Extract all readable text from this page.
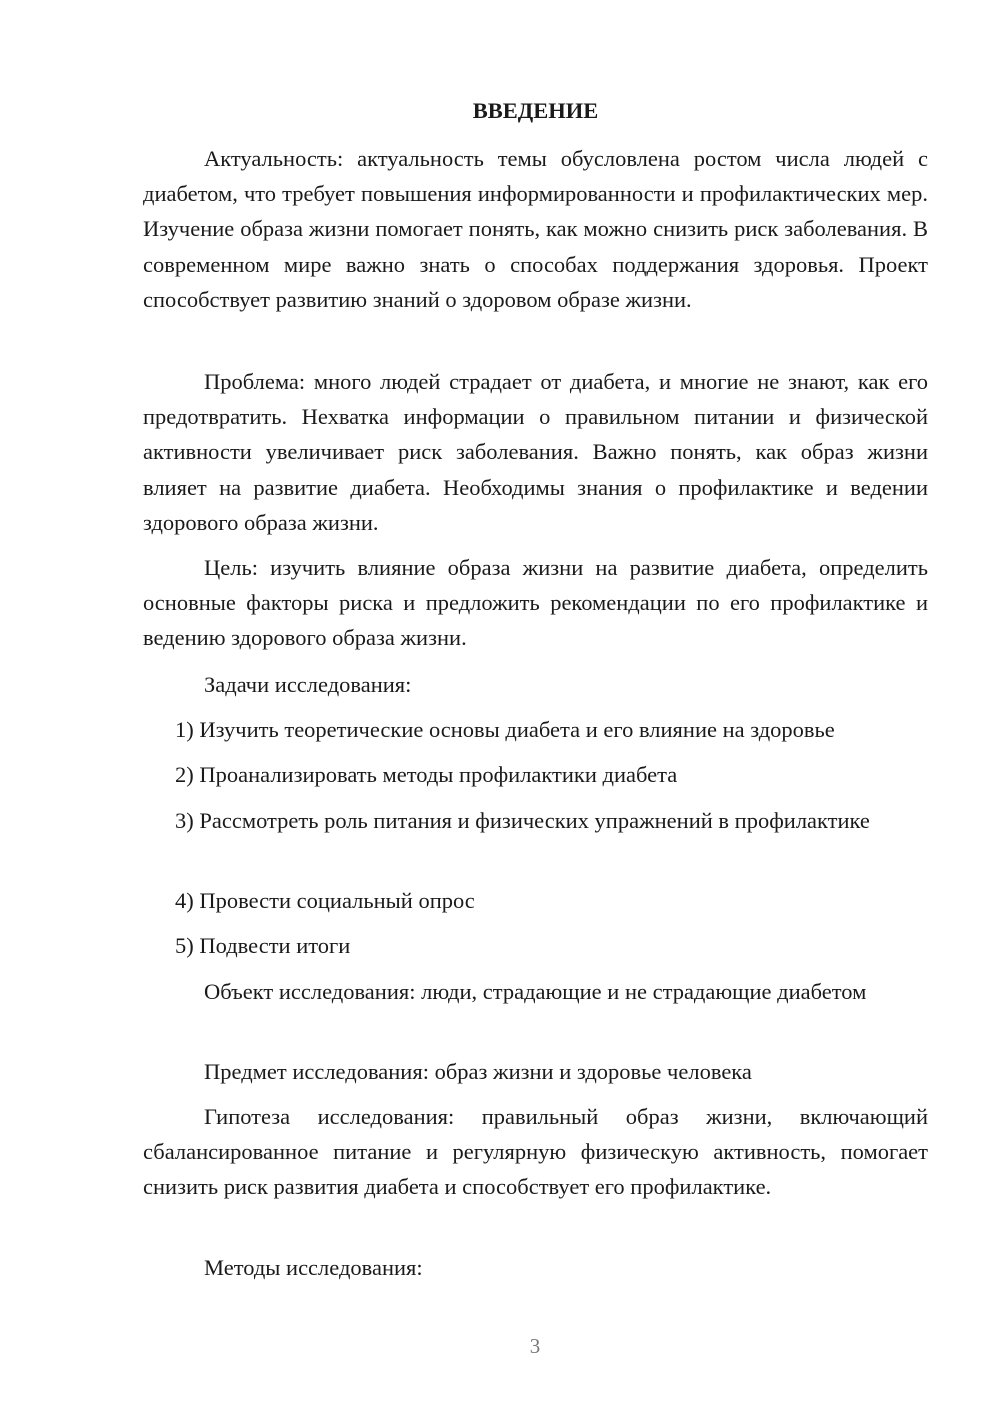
ВВЕДЕНИЕ

Актуальность: актуальность темы обусловлена ростом числа людей с диабетом, что требует повышения информированности и профилактических мер. Изучение образа жизни помогает понять, как можно снизить риск заболевания. В современном мире важно знать о способах поддержания здоровья. Проект способствует развитию знаний о здоровом образе жизни.

Проблема: много людей страдает от диабета, и многие не знают, как его предотвратить. Нехватка информации о правильном питании и физической активности увеличивает риск заболевания. Важно понять, как образ жизни влияет на развитие диабета. Необходимы знания о профилактике и ведении здорового образа жизни.

Цель: изучить влияние образа жизни на развитие диабета, определить основные факторы риска и предложить рекомендации по его профилактике и ведению здорового образа жизни.

Задачи исследования:

1) Изучить теоретические основы диабета и его влияние на здоровье

2) Проанализировать методы профилактики диабета

3) Рассмотреть роль питания и физических упражнений в профилактике

4) Провести социальный опрос

5) Подвести итоги

Объект исследования: люди, страдающие и не страдающие диабетом

Предмет исследования: образ жизни и здоровье человека

Гипотеза исследования: правильный образ жизни, включающий сбалансированное питание и регулярную физическую активность, помогает снизить риск развития диабета и способствует его профилактике.

Методы исследования:

3
